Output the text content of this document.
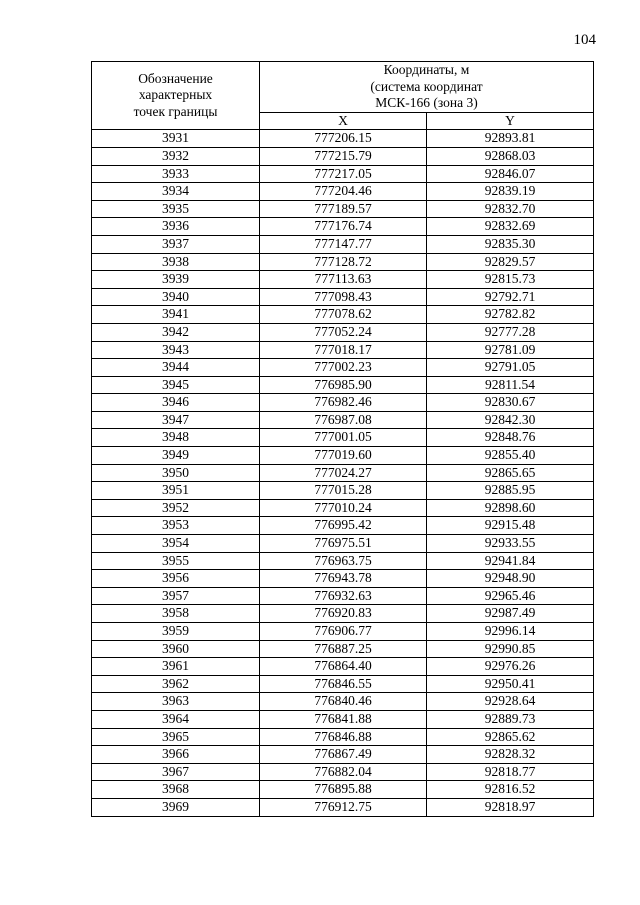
104
Обозначение
характерных
точек границы	Координаты, м
(система координат
МСК-166 (зона 3)	

	X	Y
3931	777206.15	92893.81
3932	777215.79	92868.03
3933	777217.05	92846.07
3934	777204.46	92839.19
3935	777189.57	92832.70
3936	777176.74	92832.69
3937	777147.77	92835.30
3938	777128.72	92829.57
3939	777113.63	92815.73
3940	777098.43	92792.71
3941	777078.62	92782.82
3942	777052.24	92777.28
3943	777018.17	92781.09
3944	777002.23	92791.05
3945	776985.90	92811.54
3946	776982.46	92830.67
3947	776987.08	92842.30
3948	777001.05	92848.76
3949	777019.60	92855.40
3950	777024.27	92865.65
3951	777015.28	92885.95
3952	777010.24	92898.60
3953	776995.42	92915.48
3954	776975.51	92933.55
3955	776963.75	92941.84
3956	776943.78	92948.90
3957	776932.63	92965.46
3958	776920.83	92987.49
3959	776906.77	92996.14
3960	776887.25	92990.85
3961	776864.40	92976.26
3962	776846.55	92950.41
3963	776840.46	92928.64
3964	776841.88	92889.73
3965	776846.88	92865.62
3966	776867.49	92828.32
3967	776882.04	92818.77
3968	776895.88	92816.52
3969	776912.75	92818.97
